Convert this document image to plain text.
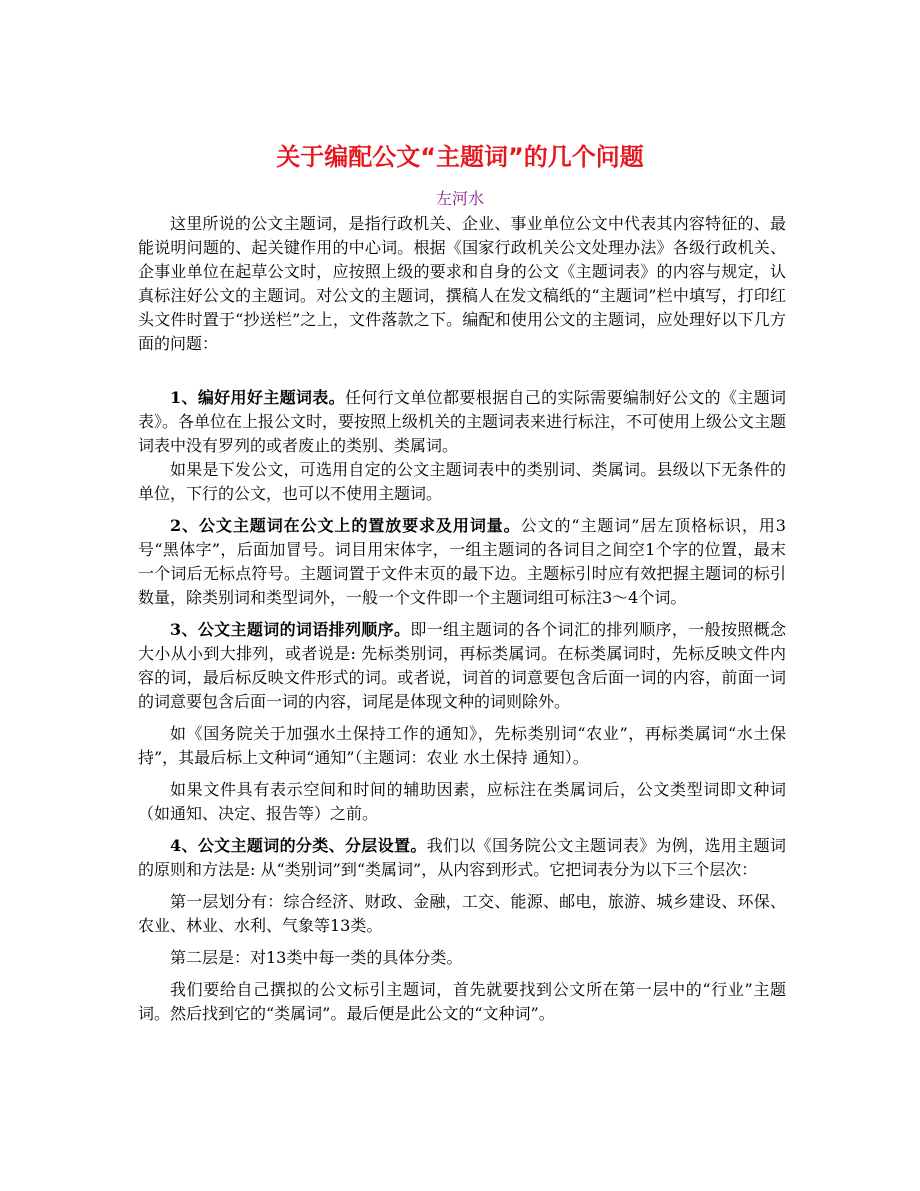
关于编配公文“主题词”的几个问题
左河水

这里所说的公文主题词，是指行政机关、企业、事业单位公文中代表其内容特征的、最能说明问题的、起关键作用的中心词。根据《国家行政机关公文处理办法》各级行政机关、企事业单位在起草公文时，应按照上级的要求和自身的公文《主题词表》的内容与规定，认真标注好公文的主题词。对公文的主题词，撰稿人在发文稿纸的“主题词”栏中填写，打印红头文件时置于“抄送栏”之上，文件落款之下。编配和使用公文的主题词，应处理好以下几方面的问题：

1、编好用好主题词表。任何行文单位都要根据自己的实际需要编制好公文的《主题词表》。各单位在上报公文时，要按照上级机关的主题词表来进行标注，不可使用上级公文主题词表中没有罗列的或者废止的类别、类属词。

如果是下发公文，可选用自定的公文主题词表中的类别词、类属词。县级以下无条件的单位，下行的公文，也可以不使用主题词。

2、公文主题词在公文上的置放要求及用词量。公文的“主题词”居左顶格标识，用3号“黑体字”，后面加冒号。词目用宋体字，一组主题词的各词目之间空1个字的位置，最末一个词后无标点符号。主题词置于文件末页的最下边。主题标引时应有效把握主题词的标引数量，除类别词和类型词外，一般一个文件即一个主题词组可标注3～4个词。

3、公文主题词的词语排列顺序。即一组主题词的各个词汇的排列顺序，一般按照概念大小从小到大排列，或者说是: 先标类别词，再标类属词。在标类属词时，先标反映文件内容的词，最后标反映文件形式的词。或者说，词首的词意要包含后面一词的内容，前面一词的词意要包含后面一词的内容，词尾是体现文种的词则除外。

如《国务院关于加强水土保持工作的通知》，先标类别词“农业”，再标类属词“水土保持”，其最后标上文种词“通知”（主题词：农业 水土保持 通知）。

如果文件具有表示空间和时间的辅助因素，应标注在类属词后，公文类型词即文种词（如通知、决定、报告等）之前。

4、公文主题词的分类、分层设置。我们以《国务院公文主题词表》为例，选用主题词的原则和方法是: 从“类别词”到“类属词”，从内容到形式。它把词表分为以下三个层次：

第一层划分有：综合经济、财政、金融，工交、能源、邮电，旅游、城乡建设、环保、农业、林业、水利、气象等13类。

第二层是：对13类中每一类的具体分类。

我们要给自己撰拟的公文标引主题词，首先就要找到公文所在第一层中的“行业”主题词。然后找到它的“类属词”。最后便是此公文的“文种词”。
